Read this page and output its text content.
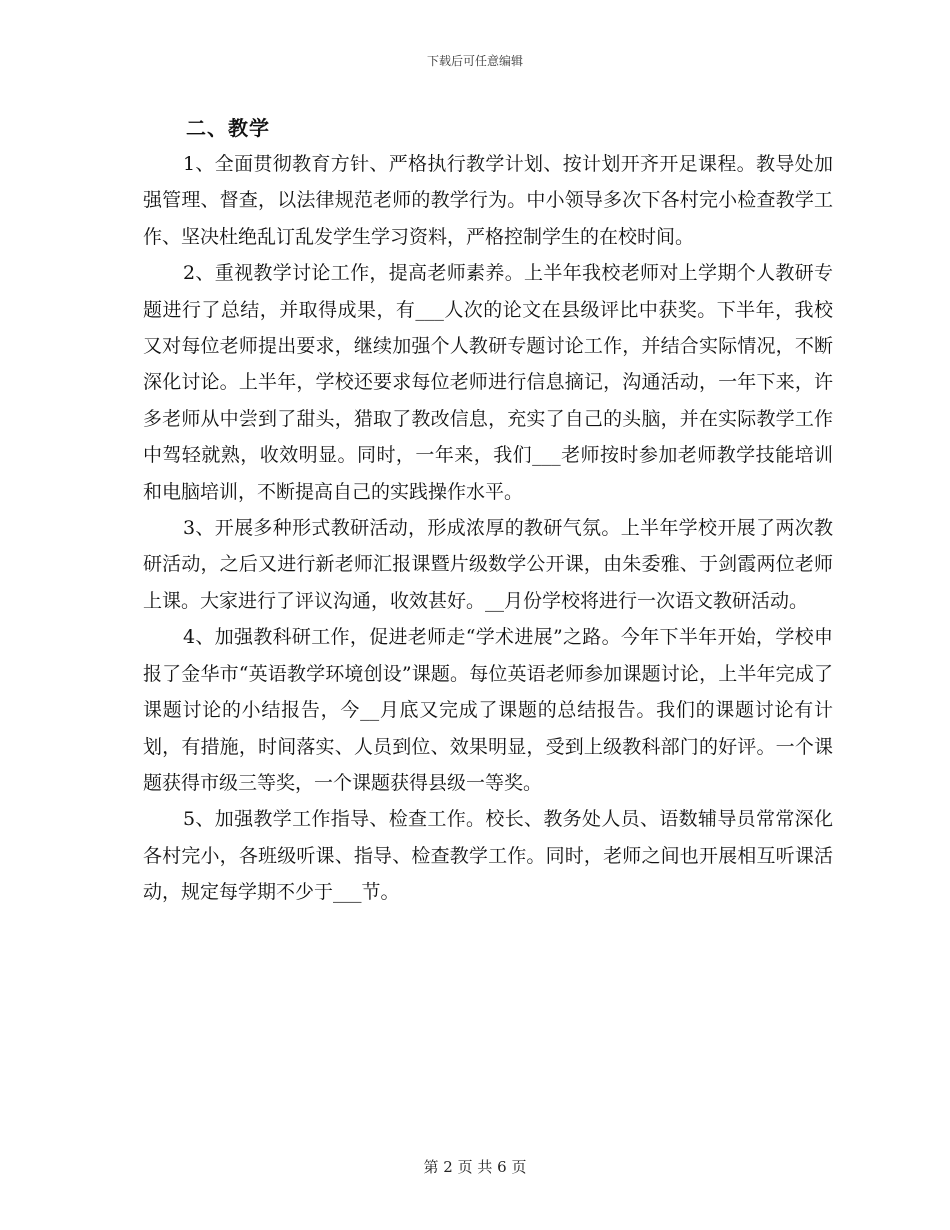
下载后可任意编辑
二、教学

1、全面贯彻教育方针、严格执行教学计划、按计划开齐开足课程。教导处加强管理、督查，以法律规范老师的教学行为。中小领导多次下各村完小检查教学工作、坚决杜绝乱订乱发学生学习资料，严格控制学生的在校时间。

2、重视教学讨论工作，提高老师素养。上半年我校老师对上学期个人教研专题进行了总结，并取得成果，有___人次的论文在县级评比中获奖。下半年，我校又对每位老师提出要求，继续加强个人教研专题讨论工作，并结合实际情况，不断深化讨论。上半年，学校还要求每位老师进行信息摘记，沟通活动，一年下来，许多老师从中尝到了甜头，猎取了教改信息，充实了自己的头脑，并在实际教学工作中驾轻就熟，收效明显。同时，一年来，我们___老师按时参加老师教学技能培训和电脑培训，不断提高自己的实践操作水平。

3、开展多种形式教研活动，形成浓厚的教研气氛。上半年学校开展了两次教研活动，之后又进行新老师汇报课暨片级数学公开课，由朱委雅、于剑霞两位老师上课。大家进行了评议沟通，收效甚好。__月份学校将进行一次语文教研活动。

4、加强教科研工作，促进老师走“学术进展”之路。今年下半年开始，学校申报了金华市“英语教学环境创设”课题。每位英语老师参加课题讨论，上半年完成了课题讨论的小结报告，今__月底又完成了课题的总结报告。我们的课题讨论有计划，有措施，时间落实、人员到位、效果明显，受到上级教科部门的好评。一个课题获得市级三等奖，一个课题获得县级一等奖。

5、加强教学工作指导、检查工作。校长、教务处人员、语数辅导员常常深化各村完小，各班级听课、指导、检查教学工作。同时，老师之间也开展相互听课活动，规定每学期不少于___节。

第 2 页 共 6 页
